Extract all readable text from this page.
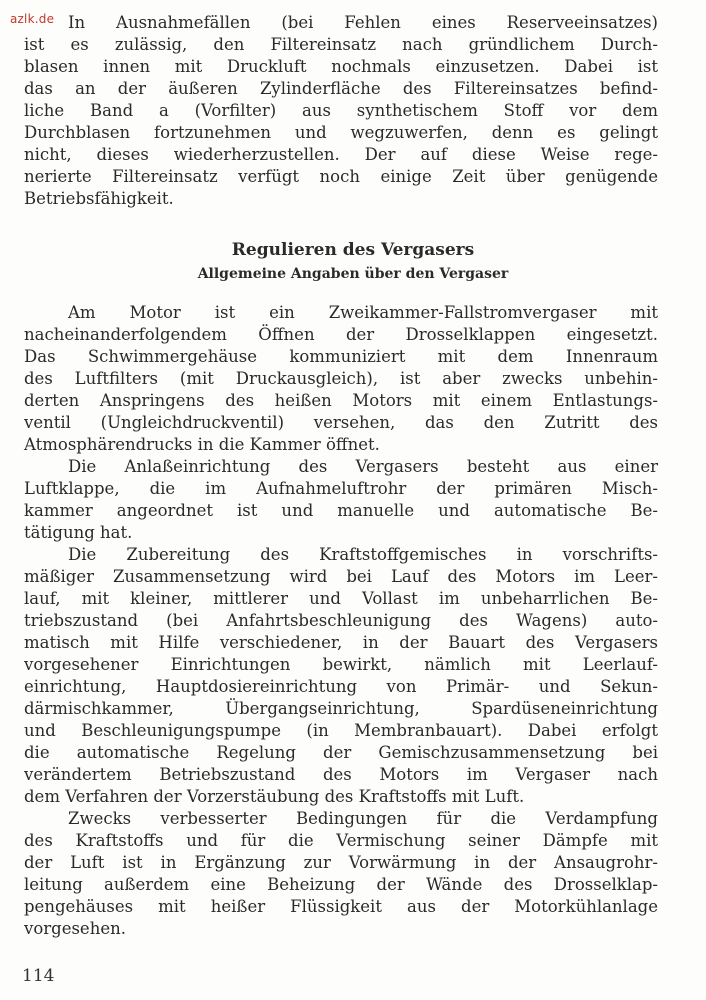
azlk.de In Ausnahmefällen (bei Fehlen eines Reserveeinsatzes)
ist es zulässig, den Filtereinsatz nach gründlichem Durch-
blasen innen mit Druckluft nochmals einzusetzen. Dabei ist
das an der äußeren Zylinderfläche des Filtereinsatzes befind-
liche Band a (Vorfilter) aus synthetischem Stoff vor dem
Durchblasen fortzunehmen und wegzuwerfen, denn es gelingt
nicht, dieses wiederherzustellen. Der auf diese Weise rege-
nerierte Filtereinsatz verfügt noch einige Zeit über genügende
Betriebsfähigkeit.
Regulieren des Vergasers
Allgemeine Angaben über den Vergaser
Am Motor ist ein Zweikammer-Fallstromvergaser mit
nacheinanderfolgendem Öffnen der Drosselklappen eingesetzt.
Das Schwimmergehäuse kommuniziert mit dem Innenraum
des Luftfilters (mit Druckausgleich), ist aber zwecks unbehin-
derten Anspringens des heißen Motors mit einem Entlastungs-
ventil (Ungleichdruckventil) versehen, das den Zutritt des
Atmosphärendrucks in die Kammer öffnet.
Die Anlaßeinrichtung des Vergasers besteht aus einer
Luftklappe, die im Aufnahmeluftrohr der primären Misch-
kammer angeordnet ist und manuelle und automatische Be-
tätigung hat.
Die Zubereitung des Kraftstoffgemisches in vorschrifts-
mäßiger Zusammensetzung wird bei Lauf des Motors im Leer-
lauf, mit kleiner, mittlerer und Vollast im unbeharrlichen Be-
triebszustand (bei Anfahrtsbeschleunigung des Wagens) auto-
matisch mit Hilfe verschiedener, in der Bauart des Vergasers
vorgesehener Einrichtungen bewirkt, nämlich mit Leerlauf-
einrichtung, Hauptdosiereinrichtung von Primär- und Sekun-
därmischkammer, Übergangseinrichtung, Spardüseneinrichtung
und Beschleunigungspumpe (in Membranbauart). Dabei erfolgt
die automatische Regelung der Gemischzusammensetzung bei
verändertem Betriebszustand des Motors im Vergaser nach
dem Verfahren der Vorzerstäubung des Kraftstoffs mit Luft.
Zwecks verbesserter Bedingungen für die Verdampfung
des Kraftstoffs und für die Vermischung seiner Dämpfe mit
der Luft ist in Ergänzung zur Vorwärmung in der Ansaugrohr-
leitung außerdem eine Beheizung der Wände des Drosselklap-
pengehäuses mit heißer Flüssigkeit aus der Motorkühlanlage
vorgesehen.
114
